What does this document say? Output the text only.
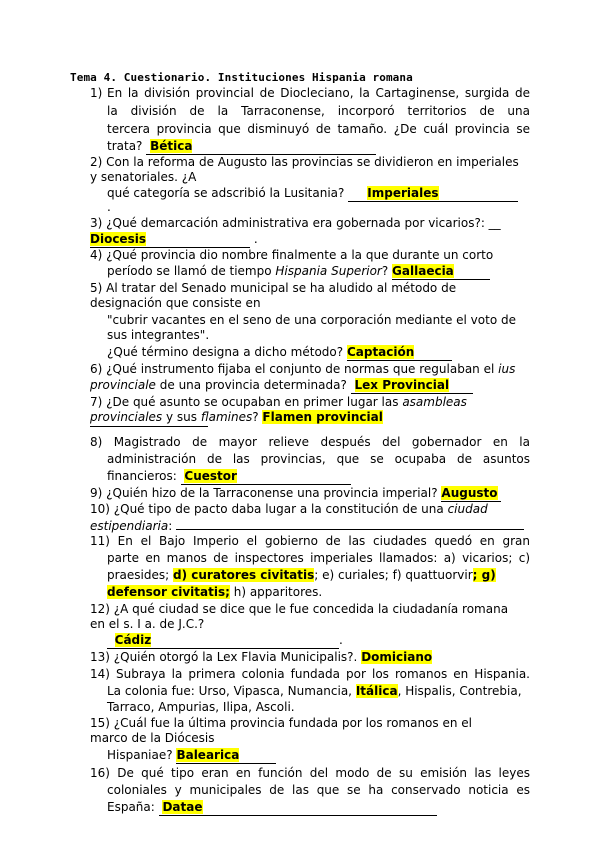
Tema 4. Cuestionario. Instituciones Hispania romana
1) En la división provincial de Diocleciano, la Cartaginense, surgida de
la división de la Tarraconense, incorporó territorios de una
tercera provincia que disminuyó de tamaño. ¿De cuál provincia se
trata? Bética
2) Con la reforma de Augusto las provincias se dividieron en imperiales
y senatoriales. ¿A
qué categoría se adscribió la Lusitania? Imperiales
.
3) ¿Qué demarcación administrativa era gobernada por vicarios?: __
Diocesis	.
4) ¿Qué provincia dio nombre finalmente a la que durante un corto
período se llamó de tiempo Hispania Superior? Gallaecia
5) Al tratar del Senado municipal se ha aludido al método de
designación que consiste en
"cubrir vacantes en el seno de una corporación mediante el voto de
sus integrantes".
¿Qué término designa a dicho método? Captación
6) ¿Qué instrumento fijaba el conjunto de normas que regulaban el ius
provinciale de una provincia determinada? Lex Provincial
7) ¿De qué asunto se ocupaban en primer lugar las asambleas
provinciales y sus flamines? Flamen provincial
8) Magistrado de mayor relieve después del gobernador en la
administración de las provincias, que se ocupaba de asuntos
financieros: Cuestor
9) ¿Quién hizo de la Tarraconense una provincia imperial? Augusto
10) ¿Qué tipo de pacto daba lugar a la constitución de una ciudad
estipendiaria:
11) En el Bajo Imperio el gobierno de las ciudades quedó en gran
parte en manos de inspectores imperiales llamados: a) vicarios; c)
praesides; d) curatores civitatis; e) curiales; f) quattuorvir; g)
defensor civitatis; h) apparitores.
12) ¿A qué ciudad se dice que le fue concedida la ciudadanía romana
en el s. I a. de J.C.?
Cádiz	.
13) ¿Quién otorgó la Lex Flavia Municipalis?. Domiciano
14) Subraya la primera colonia fundada por los romanos en Hispania.
La colonia fue: Urso, Vipasca, Numancia, Itálica, Hispalis, Contrebia,
Tarraco, Ampurias, Ilipa, Ascoli.
15) ¿Cuál fue la última provincia fundada por los romanos en el
marco de la Diócesis
Hispaniae? Balearica
16) De qué tipo eran en función del modo de su emisión las leyes
coloniales y municipales de las que se ha conservado noticia es
España: Datae
